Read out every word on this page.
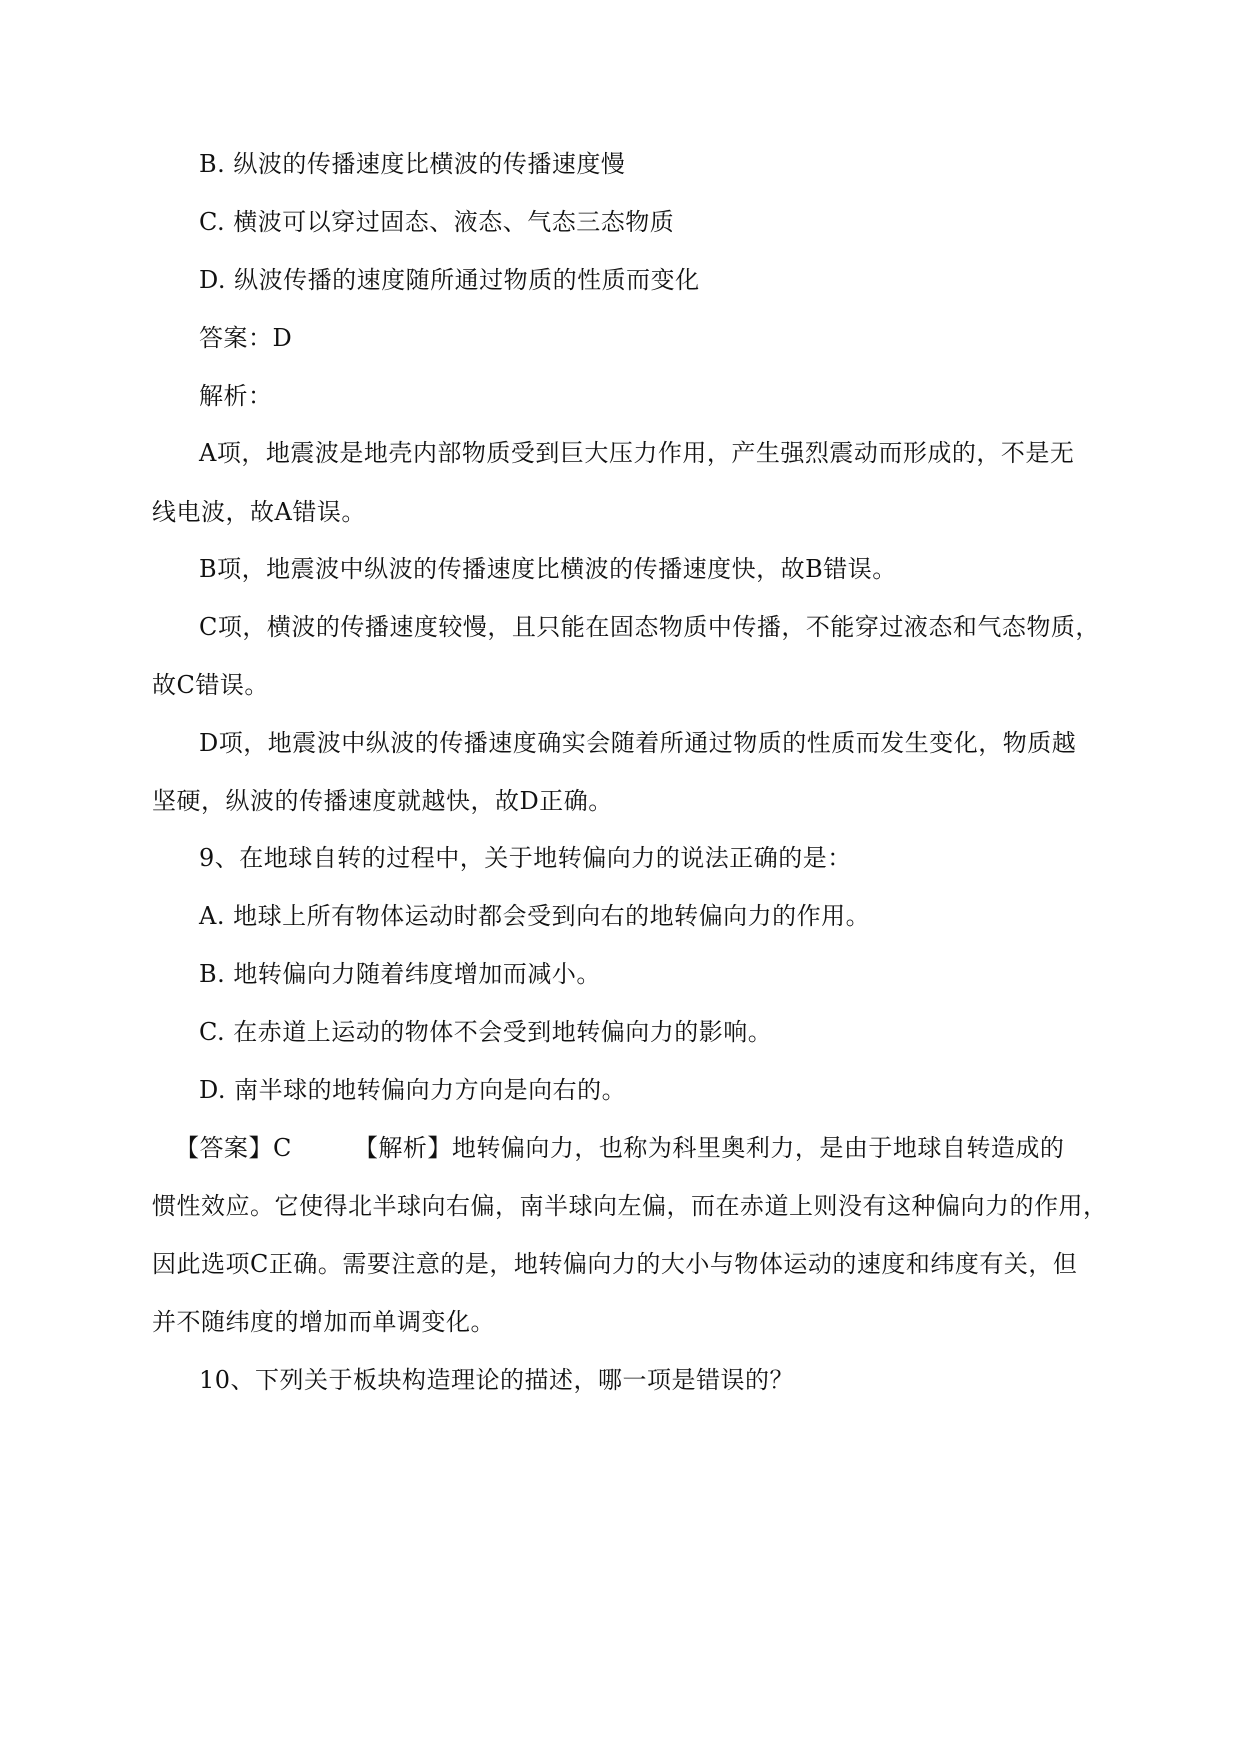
B. 纵波的传播速度比横波的传播速度慢
C. 横波可以穿过固态、液态、气态三态物质
D. 纵波传播的速度随所通过物质的性质而变化
答案：D
解析：
A项，地震波是地壳内部物质受到巨大压力作用，产生强烈震动而形成的，不是无
线电波，故A错误。
B项，地震波中纵波的传播速度比横波的传播速度快，故B错误。
C项，横波的传播速度较慢，且只能在固态物质中传播，不能穿过液态和气态物质，
故C错误。
D项，地震波中纵波的传播速度确实会随着所通过物质的性质而发生变化，物质越
坚硬，纵波的传播速度就越快，故D正确。
9、在地球自转的过程中，关于地转偏向力的说法正确的是：
A. 地球上所有物体运动时都会受到向右的地转偏向力的作用。
B. 地转偏向力随着纬度增加而减小。
C. 在赤道上运动的物体不会受到地转偏向力的影响。
D. 南半球的地转偏向力方向是向右的。
【答案】C	【解析】地转偏向力，也称为科里奥利力，是由于地球自转造成的
惯性效应。它使得北半球向右偏，南半球向左偏，而在赤道上则没有这种偏向力的作用，
因此选项C正确。需要注意的是，地转偏向力的大小与物体运动的速度和纬度有关，但
并不随纬度的增加而单调变化。
10、下列关于板块构造理论的描述，哪一项是错误的？
